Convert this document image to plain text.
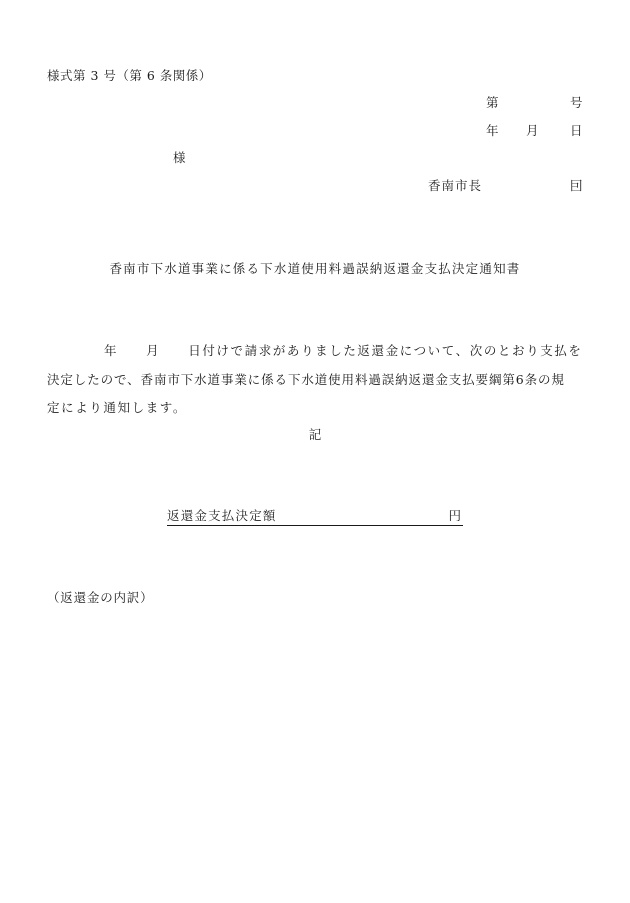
様式第 3 号（第 6 条関係）
第	号
年 月	日
様
香南市長	囙
香南市下水道事業に係る下水道使用料過誤納返還金支払決定通知書
年 月 日付けで請求がありました返還金について、次のとおり支払を
決定したので、香南市下水道事業に係る下水道使用料過誤納返還金支払要綱第6条の規
定により通知します。
記
返還金支払決定額	円
（返還金の内訳）
